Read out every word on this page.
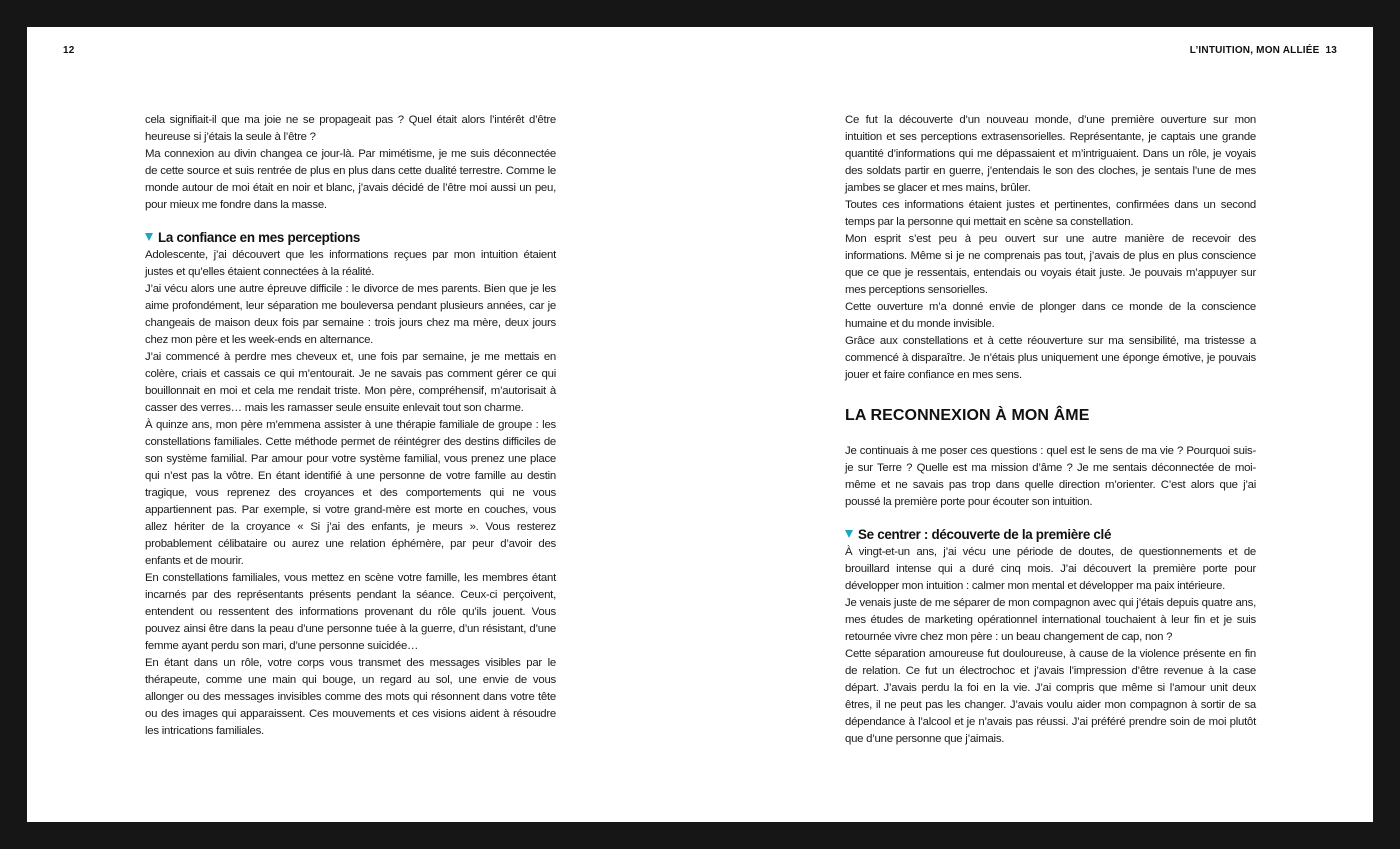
12	L’INTUITION, MON ALLIÉE 13

cela signifiait-il que ma joie ne se propageait pas ? Quel était alors l’intérêt d’être heureuse si j’étais la seule à l’être ?

Ma connexion au divin changea ce jour-là. Par mimétisme, je me suis déconnectée de cette source et suis rentrée de plus en plus dans cette dualité terrestre. Comme le monde autour de moi était en noir et blanc, j’avais décidé de l’être moi aussi un peu, pour mieux me fondre dans la masse.

La confiance en mes perceptions

Adolescente, j’ai découvert que les informations reçues par mon intuition étaient justes et qu’elles étaient connectées à la réalité.

J’ai vécu alors une autre épreuve difficile : le divorce de mes parents. Bien que je les aime profondément, leur séparation me bouleversa pendant plusieurs années, car je changeais de maison deux fois par semaine : trois jours chez ma mère, deux jours chez mon père et les week-ends en alternance.

J’ai commencé à perdre mes cheveux et, une fois par semaine, je me mettais en colère, criais et cassais ce qui m’entourait. Je ne savais pas comment gérer ce qui bouillonnait en moi et cela me rendait triste. Mon père, compréhensif, m’autorisait à casser des verres… mais les ramasser seule ensuite enlevait tout son charme.

À quinze ans, mon père m’emmena assister à une thérapie familiale de groupe : les constellations familiales. Cette méthode permet de réintégrer des destins difficiles de son système familial. Par amour pour votre système familial, vous prenez une place qui n’est pas la vôtre. En étant identifié à une personne de votre famille au destin tragique, vous reprenez des croyances et des comportements qui ne vous appartiennent pas. Par exemple, si votre grand-mère est morte en couches, vous allez hériter de la croyance « Si j’ai des enfants, je meurs ». Vous resterez probablement célibataire ou aurez une relation éphémère, par peur d’avoir des enfants et de mourir.

En constellations familiales, vous mettez en scène votre famille, les membres étant incarnés par des représentants présents pendant la séance. Ceux-ci perçoivent, entendent ou ressentent des informations provenant du rôle qu’ils jouent. Vous pouvez ainsi être dans la peau d’une personne tuée à la guerre, d’un résistant, d’une femme ayant perdu son mari, d’une personne suicidée…

En étant dans un rôle, votre corps vous transmet des messages visibles par le thérapeute, comme une main qui bouge, un regard au sol, une envie de vous allonger ou des messages invisibles comme des mots qui résonnent dans votre tête ou des images qui apparaissent. Ces mouvements et ces visions aident à résoudre les intrications familiales.

Ce fut la découverte d’un nouveau monde, d’une première ouverture sur mon intuition et ses perceptions extrasensorielles. Représentante, je captais une grande quantité d’informations qui me dépassaient et m’intriguaient. Dans un rôle, je voyais des soldats partir en guerre, j’entendais le son des cloches, je sentais l’une de mes jambes se glacer et mes mains, brûler.

Toutes ces informations étaient justes et pertinentes, confirmées dans un second temps par la personne qui mettait en scène sa constellation.

Mon esprit s’est peu à peu ouvert sur une autre manière de recevoir des informations. Même si je ne comprenais pas tout, j’avais de plus en plus conscience que ce que je ressentais, entendais ou voyais était juste. Je pouvais m’appuyer sur mes perceptions sensorielles.

Cette ouverture m’a donné envie de plonger dans ce monde de la conscience humaine et du monde invisible.

Grâce aux constellations et à cette réouverture sur ma sensibilité, ma tristesse a commencé à disparaître. Je n’étais plus uniquement une éponge émotive, je pouvais jouer et faire confiance en mes sens.

LA RECONNEXION À MON ÂME

Je continuais à me poser ces questions : quel est le sens de ma vie ? Pourquoi suis-je sur Terre ? Quelle est ma mission d’âme ? Je me sentais déconnectée de moi-même et ne savais pas trop dans quelle direction m’orienter. C’est alors que j’ai poussé la première porte pour écouter son intuition.

Se centrer : découverte de la première clé

À vingt-et-un ans, j’ai vécu une période de doutes, de questionnements et de brouillard intense qui a duré cinq mois. J’ai découvert la première porte pour développer mon intuition : calmer mon mental et développer ma paix intérieure.

Je venais juste de me séparer de mon compagnon avec qui j’étais depuis quatre ans, mes études de marketing opérationnel international touchaient à leur fin et je suis retournée vivre chez mon père : un beau changement de cap, non ?

Cette séparation amoureuse fut douloureuse, à cause de la violence présente en fin de relation. Ce fut un électrochoc et j’avais l’impression d’être revenue à la case départ. J’avais perdu la foi en la vie. J’ai compris que même si l’amour unit deux êtres, il ne peut pas les changer. J’avais voulu aider mon compagnon à sortir de sa dépendance à l’alcool et je n’avais pas réussi. J’ai préféré prendre soin de moi plutôt que d’une personne que j’aimais.
